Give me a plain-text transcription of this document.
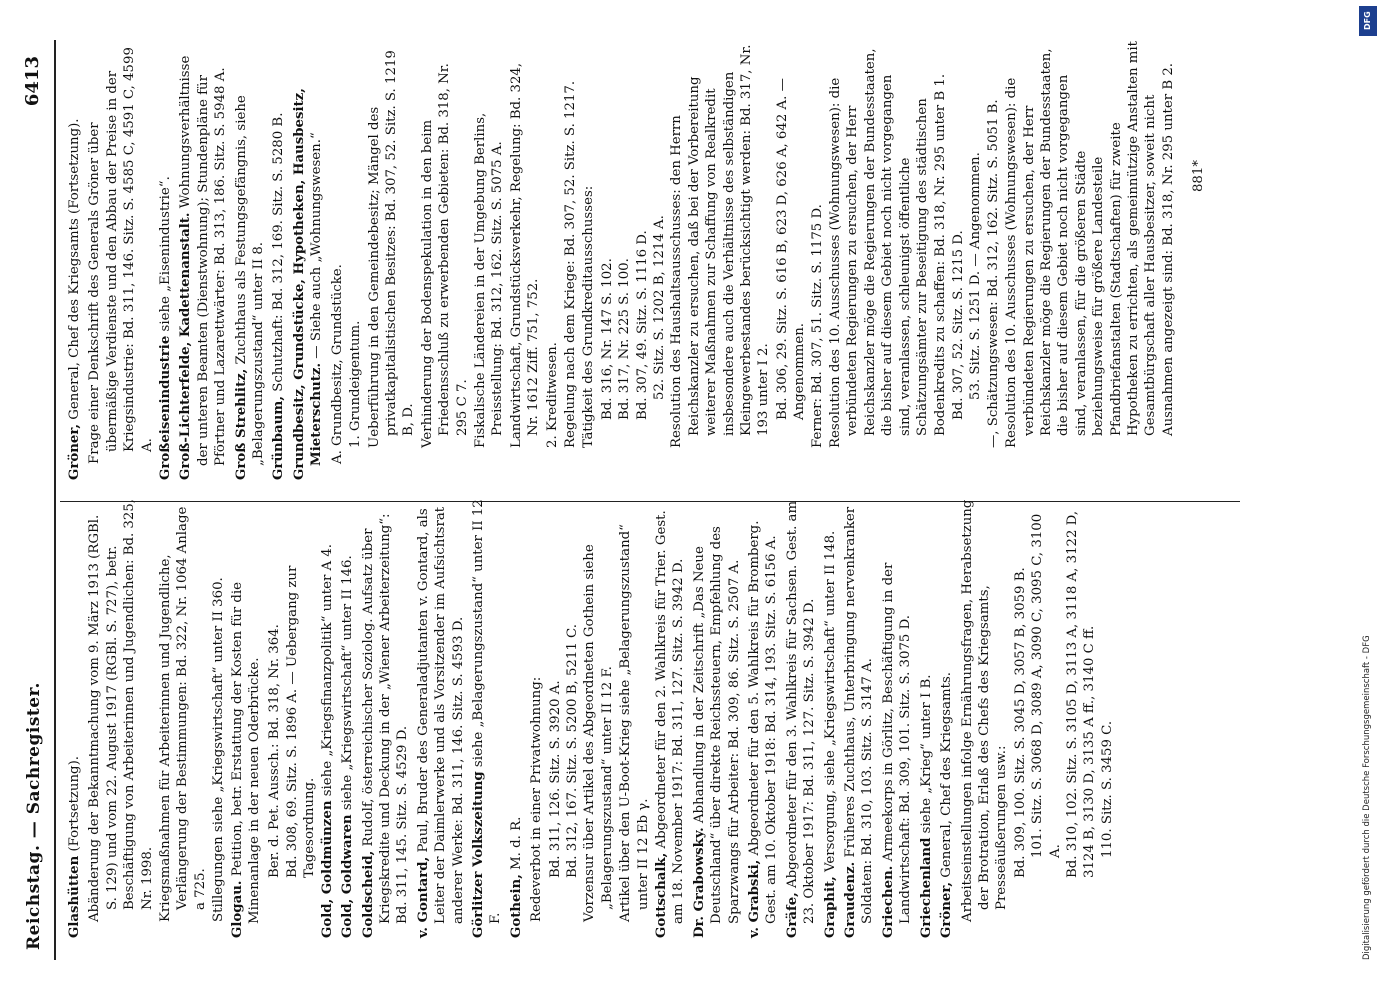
Reichstag. — Sachregister.
6413

Glashütten (Fortsetzung). Abänderung der Bekanntmachung vom 9. März 1913 (RGBl. S. 129) und vom 22. August 1917 (RGBl. S. 727), betr. Beschäftigung von Arbeiterinnen und Jugendlichen: Bd. 325, Nr. 1998. Kriegsmaßnahmen für Arbeiterinnen und Jugendliche, Verlängerung der Bestimmungen: Bd. 322, Nr. 1064 Anlage a 725. Stillegungen siehe „Kriegswirtschaft“ unter II 360. Glogau. Petition, betr. Erstattung der Kosten für die Minenanlage in der neuen Oderbrücke. Ber. d. Pet. Aussch.: Bd. 318, Nr. 364. Bd. 308, 69. Sitz. S. 1896 A. — Uebergang zur Tagesordnung. Gold, Goldmünzen siehe „Kriegsfinanzpolitik“ unter A 4.

Gold, Goldwaren siehe „Kriegswirtschaft“ unter II 146.

Goldscheid, Rudolf, österreichischer Soziolog. Aufsatz über Kriegskredite und Deckung in der „Wiener Arbeiterzeitung“: Bd. 311, 145. Sitz. S. 4529 D. v. Gontard, Paul, Bruder des Generaladjutanten v. Gontard, als Leiter der Daimlerwerke und als Vorsitzender im Aufsichtsrat anderer Werke: Bd. 311, 146. Sitz. S. 4593 D. Görlitzer Volkszeitung siehe „Belagerungszustand“ unter II 12 F. Gothein, M. d. R. Redeverbot in einer Privatwohnung: Bd. 311, 126. Sitz. S. 3920 A. Bd. 312, 167. Sitz. S. 5200 B, 5211 C. Vorzensur über Artikel des Abgeordneten Gothein siehe „Belagerungszustand“ unter II 12 F. Artikel über den U-Boot-Krieg siehe „Belagerungszustand“ unter II 12 Eb γ. Gottschalk, Abgeordneter für den 2. Wahlkreis für Trier. Gest. am 18. November 1917: Bd. 311, 127. Sitz. S. 3942 D. Dr. Grabowsky. Abhandlung in der Zeitschrift „Das Neue Deutschland“ über direkte Reichssteuern, Empfehlung des Sparzwangs für Arbeiter: Bd. 309, 86. Sitz. S. 2507 A. v. Grabski, Abgeordneter für den 5. Wahlkreis für Bromberg. Gest. am 10. Oktober 1918: Bd. 314, 193. Sitz. S. 6156 A. Gräfe, Abgeordneter für den 3. Wahlkreis für Sachsen. Gest. am 23. Oktober 1917: Bd. 311, 127. Sitz. S. 3942 D. Graphit, Versorgung, siehe „Kriegswirtschaft“ unter II 148.

Graudenz. Früheres Zuchthaus, Unterbringung nervenkranker Soldaten: Bd. 310, 103. Sitz. S. 3147 A. Griechen. Armeekorps in Görlitz, Beschäftigung in der Landwirtschaft: Bd. 309, 101. Sitz. S. 3075 D. Griechenland siehe „Krieg“ unter I B.

Gröner, General, Chef des Kriegsamts. Arbeitseinstellungen infolge Ernährungsfragen, Herabsetzung der Brotration, Erlaß des Chefs des Kriegsamts, Presseäußerungen usw.: Bd. 309, 100. Sitz. S. 3045 D, 3057 B, 3059 B. 101. Sitz. S. 3068 D, 3089 A, 3090 C, 3095 C, 3100 A. Bd. 310, 102. Sitz. S. 3105 D, 3113 A, 3118 A, 3122 D, 3124 B, 3130 D, 3135 A ff., 3140 C ff. 110. Sitz. S. 3459 C.

Gröner, General, Chef des Kriegsamts (Fortsetzung). Frage einer Denkschrift des Generals Gröner über übermäßige Verdienste und den Abbau der Preise in der Kriegsindustrie: Bd. 311, 146. Sitz. S. 4585 C, 4591 C, 4599 A. Großeisenindustrie siehe „Eisenindustrie“. Groß-Lichterfelde, Kadettenanstalt. Wohnungsverhältnisse der unteren Beamten (Dienstwohnung); Stundenpläne für Pförtner und Lazarettwärter: Bd. 313, 186. Sitz. S. 5948 A. Groß Strehlitz, Zuchthaus als Festungsgefängnis, siehe „Belagerungszustand“ unter II 8. Grünbaum, Schutzhaft: Bd. 312, 169. Sitz. S. 5280 B. Grundbesitz, Grundstücke, Hypotheken, Hausbesitz, Mieterschutz. — Siehe auch „Wohnungswesen.“

A. Grundbesitz, Grundstücke. 1. Grundeigentum. Ueberführung in den Gemeindebesitz; Mängel des privatkapitalistischen Besitzes: Bd. 307, 52. Sitz. S. 1219 B, D. Verhinderung der Bodenspekulation in den beim Friedensschluß zu erwerbenden Gebieten: Bd. 318, Nr. 295 C 7. Fiskalische Ländereien in der Umgebung Berlins, Preisstellung: Bd. 312, 162. Sitz. S. 5075 A. Landwirtschaft, Grundstücksverkehr, Regelung: Bd. 324, Nr. 1612 Ziff. 751, 752. 2. Kreditwesen. Regelung nach dem Kriege: Bd. 307, 52. Sitz. S. 1217. Tätigkeit des Grundkreditausschusses: Bd. 316, Nr. 147 S. 102. Bd. 317, Nr. 225 S. 100. Bd. 307, 49. Sitz. S. 1116 D. 52. Sitz. S. 1202 B, 1214 A. Resolution des Haushaltsausschusses: den Herrn Reichskanzler zu ersuchen, daß bei der Vorbereitung weiterer Maßnahmen zur Schaffung von Realkredit insbesondere auch die Verhältnisse des selbständigen Kleingewerbestandes berücksichtigt werden: Bd. 317, Nr. 193 unter I 2. Bd. 306, 29. Sitz. S. 616 B, 623 D, 626 A, 642 A. — Angenommen. Ferner: Bd. 307, 51. Sitz. S. 1175 D. Resolution des 10. Ausschusses (Wohnungswesen): die verbündeten Regierungen zu ersuchen, der Herr Reichskanzler möge die Regierungen der Bundesstaaten, die bisher auf diesem Gebiet noch nicht vorgegangen sind, veranlassen, schleunigst öffentliche Schätzungsämter zur Beseitigung des städtischen Bodenkredits zu schaffen: Bd. 318, Nr. 295 unter B 1. Bd. 307, 52. Sitz. S. 1215 D. 53. Sitz. S. 1251 D. — Angenommen. —, Schätzungswesen: Bd. 312, 162. Sitz. S. 5051 B. Resolution des 10. Ausschusses (Wohnungswesen): die verbündeten Regierungen zu ersuchen, der Herr Reichskanzler möge die Regierungen der Bundesstaaten, die bisher auf diesem Gebiet noch nicht vorgegangen sind, veranlassen, für die größeren Städte beziehungsweise für größere Landesteile Pfandbriefanstalten (Stadtschaften) für zweite Hypotheken zu errichten, als gemeinnützige Anstalten mit Gesamtbürgschaft aller Hausbesitzer, soweit nicht Ausnahmen angezeigt sind: Bd. 318, Nr. 295 unter B 2. 881*

Digitalisierung gefördert durch die Deutsche Forschungsgemeinschaft - DFG
DFG
